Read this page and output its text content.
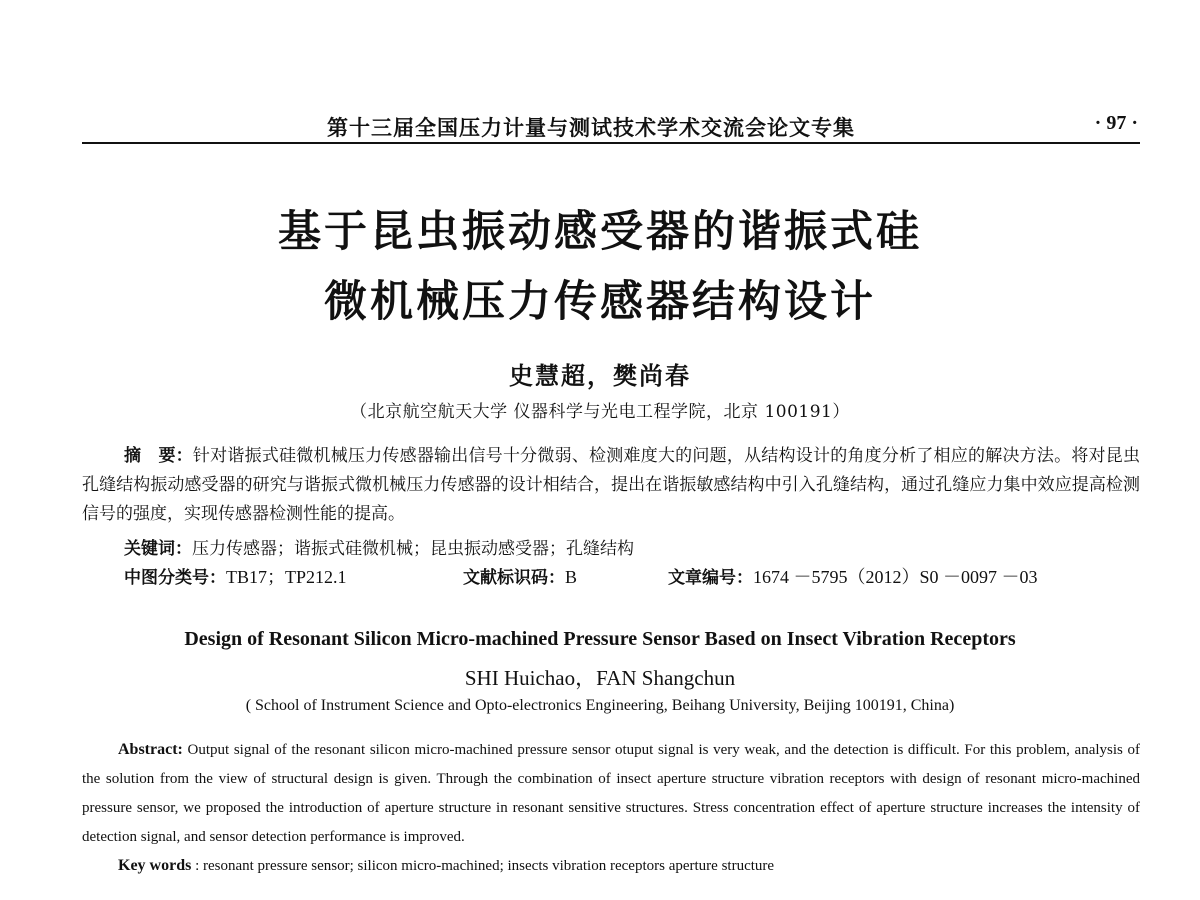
第十三届全国压力计量与测试技术学术交流会论文专集	· 97 ·
基于昆虫振动感受器的谐振式硅
微机械压力传感器结构设计
史慧超，樊尚春
（北京航空航天大学 仪器科学与光电工程学院，北京 100191）
摘　要：针对谐振式硅微机械压力传感器输出信号十分微弱、检测难度大的问题，从结构设计的角度分析了相应的解决方法。将对昆虫孔缝结构振动感受器的研究与谐振式微机械压力传感器的设计相结合，提出在谐振敏感结构中引入孔缝结构，通过孔缝应力集中效应提高检测信号的强度，实现传感器检测性能的提高。
关键词：压力传感器；谐振式硅微机械；昆虫振动感受器；孔缝结构
中图分类号：TB17；TP212.1	文献标识码：B	文章编号：1674 －5795（2012）S0 －0097 －03
Design of Resonant Silicon Micro-machined Pressure Sensor Based on Insect Vibration Receptors
SHI Huichao，FAN Shangchun
( School of Instrument Science and Opto-electronics Engineering, Beihang University, Beijing 100191, China)
Abstract: Output signal of the resonant silicon micro-machined pressure sensor otuput signal is very weak, and the detection is difficult. For this problem, analysis of the solution from the view of structural design is given. Through the combination of insect aperture structure vibration receptors with design of resonant micro-machined pressure sensor, we proposed the introduction of aperture structure in resonant sensitive structures. Stress concentration effect of aperture structure increases the intensity of detection signal, and sensor detection performance is improved.
Key words : resonant pressure sensor; silicon micro-machined; insects vibration receptors aperture structure
